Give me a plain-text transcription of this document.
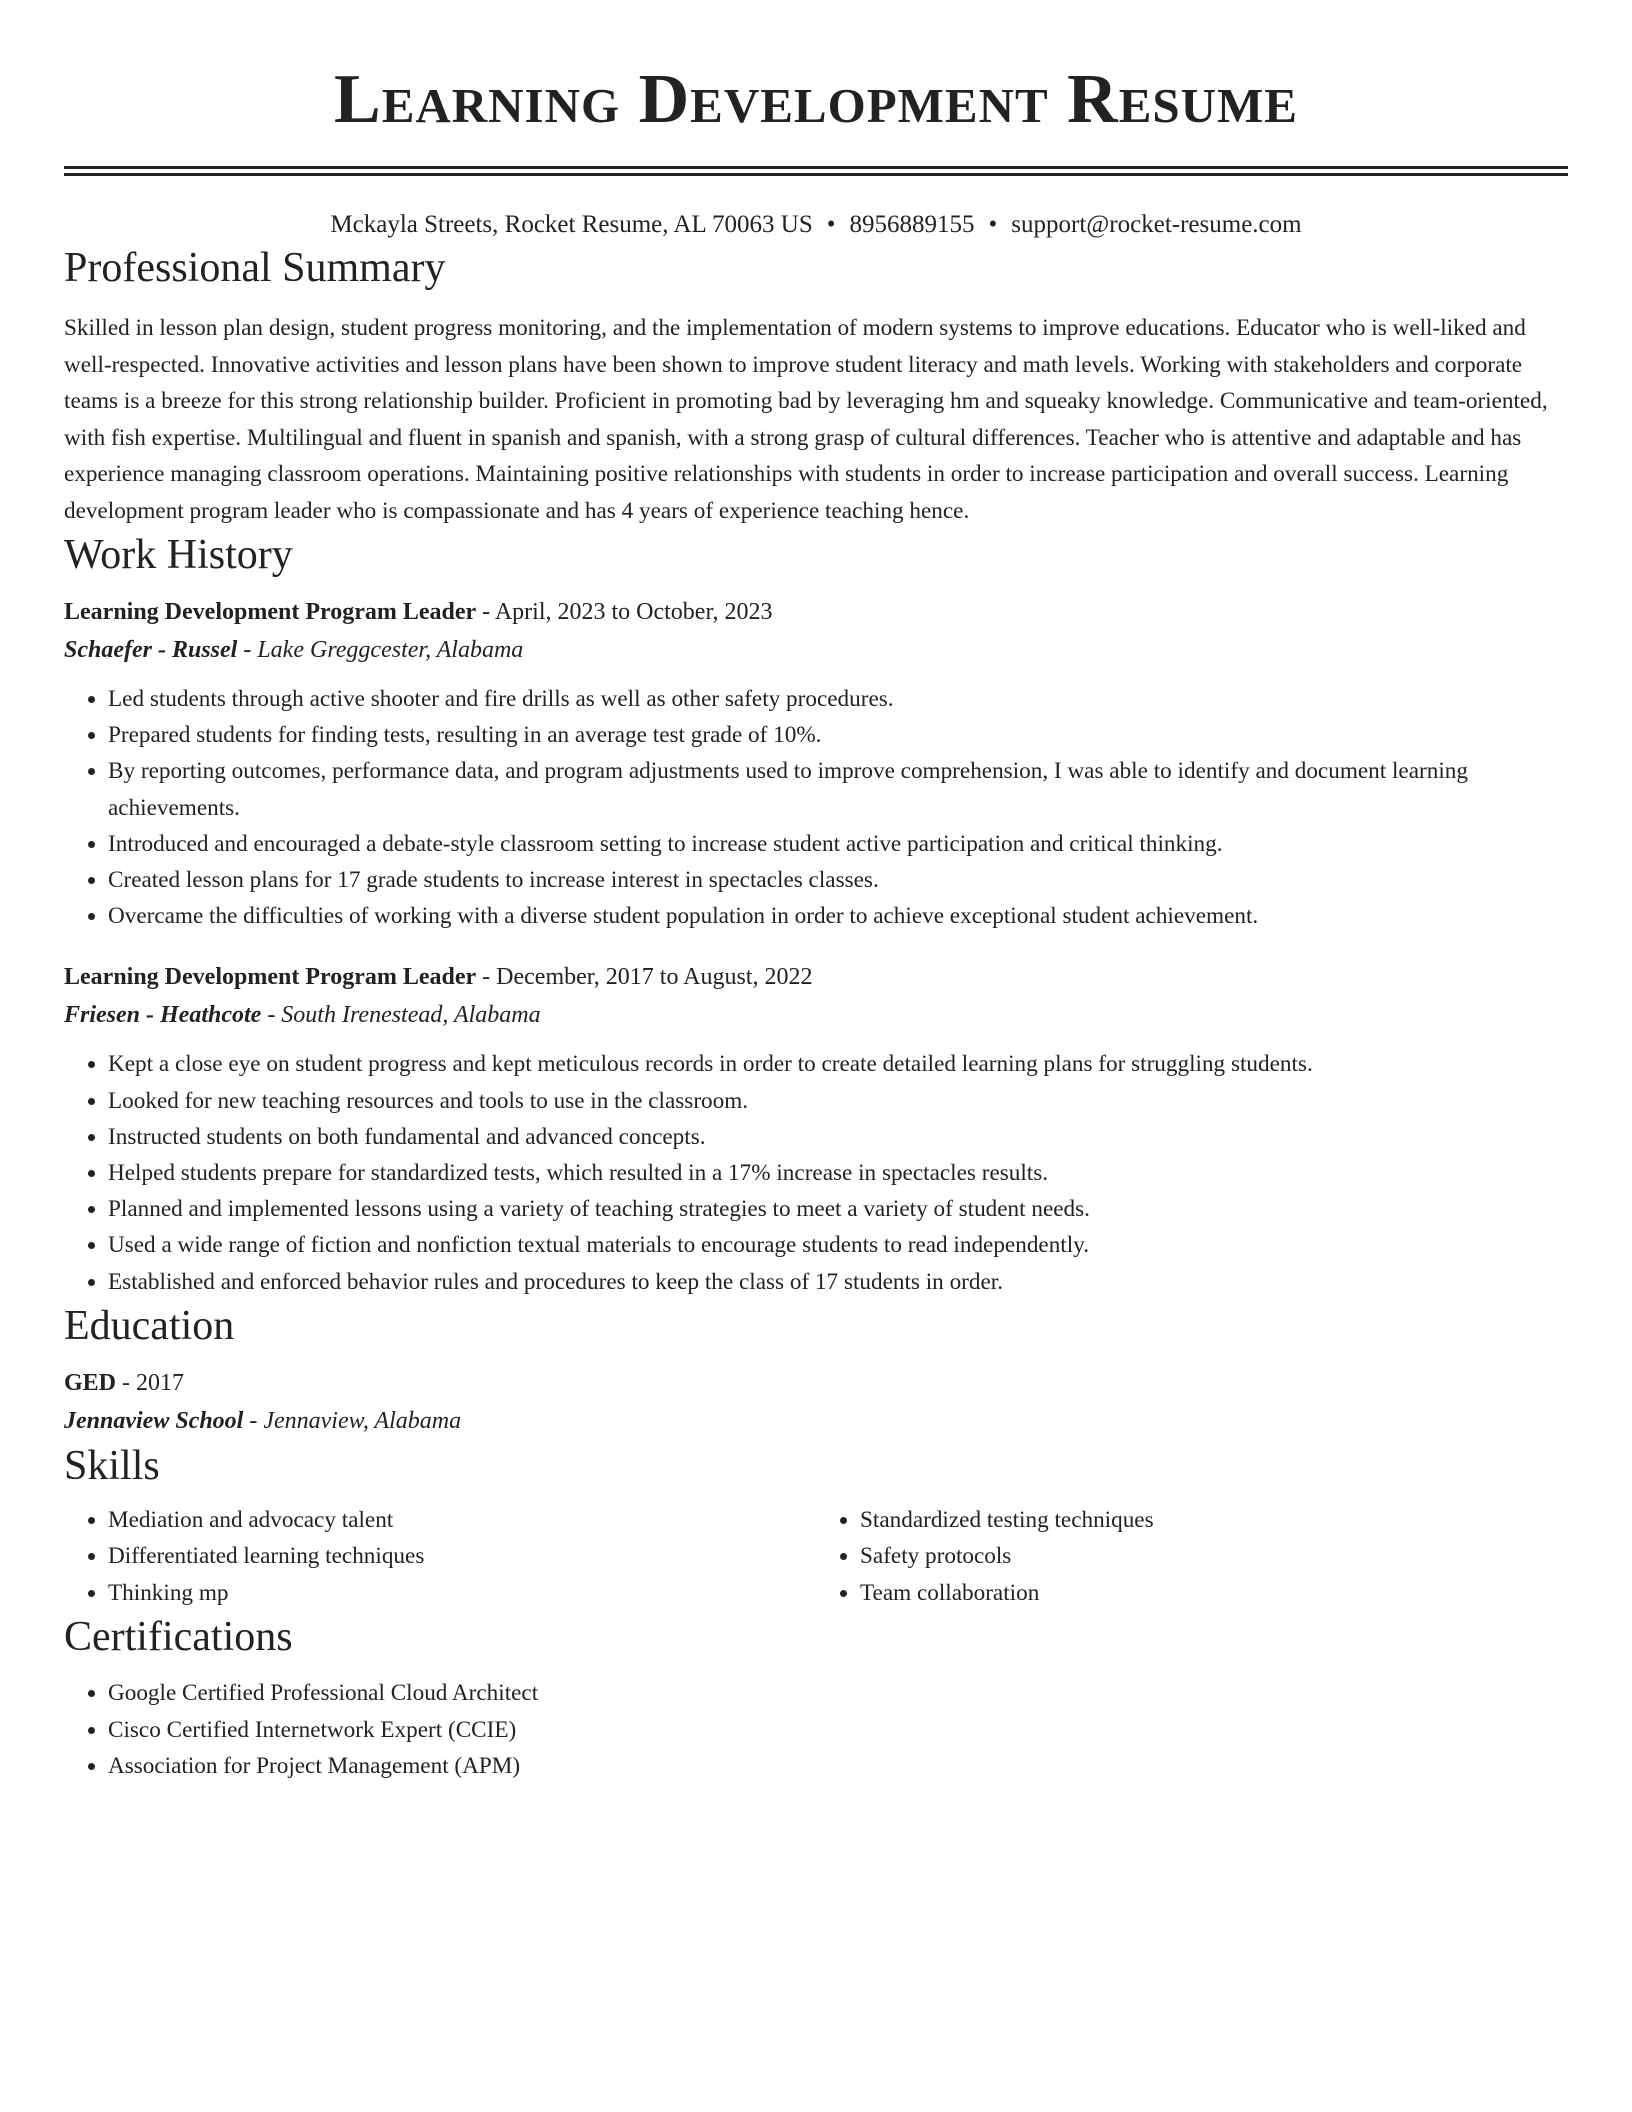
Learning Development Resume
Mckayla Streets, Rocket Resume, AL 70063 US • 8956889155 • support@rocket-resume.com
Professional Summary

Skilled in lesson plan design, student progress monitoring, and the implementation of modern systems to improve educations. Educator who is well-liked and well-respected. Innovative activities and lesson plans have been shown to improve student literacy and math levels. Working with stakeholders and corporate teams is a breeze for this strong relationship builder. Proficient in promoting bad by leveraging hm and squeaky knowledge. Communicative and team-oriented, with fish expertise. Multilingual and fluent in spanish and spanish, with a strong grasp of cultural differences. Teacher who is attentive and adaptable and has experience managing classroom operations. Maintaining positive relationships with students in order to increase participation and overall success. Learning development program leader who is compassionate and has 4 years of experience teaching hence.

Work History
Learning Development Program Leader - April, 2023 to October, 2023
Schaefer - Russel - Lake Greggcester, Alabama
• Led students through active shooter and fire drills as well as other safety procedures.
• Prepared students for finding tests, resulting in an average test grade of 10%.
• By reporting outcomes, performance data, and program adjustments used to improve comprehension, I was able to identify and document learning achievements.
• Introduced and encouraged a debate-style classroom setting to increase student active participation and critical thinking.
• Created lesson plans for 17 grade students to increase interest in spectacles classes.
• Overcame the difficulties of working with a diverse student population in order to achieve exceptional student achievement.
Learning Development Program Leader - December, 2017 to August, 2022
Friesen - Heathcote - South Irenestead, Alabama
• Kept a close eye on student progress and kept meticulous records in order to create detailed learning plans for struggling students.
• Looked for new teaching resources and tools to use in the classroom.
• Instructed students on both fundamental and advanced concepts.
• Helped students prepare for standardized tests, which resulted in a 17% increase in spectacles results.
• Planned and implemented lessons using a variety of teaching strategies to meet a variety of student needs.
• Used a wide range of fiction and nonfiction textual materials to encourage students to read independently.
• Established and enforced behavior rules and procedures to keep the class of 17 students in order.
Education
GED - 2017
Jennaview School - Jennaview, Alabama
Skills
• Mediation and advocacy talent
• Differentiated learning techniques
• Thinking mp
• Standardized testing techniques
• Safety protocols
• Team collaboration
Certifications
• Google Certified Professional Cloud Architect
• Cisco Certified Internetwork Expert (CCIE)
• Association for Project Management (APM)
